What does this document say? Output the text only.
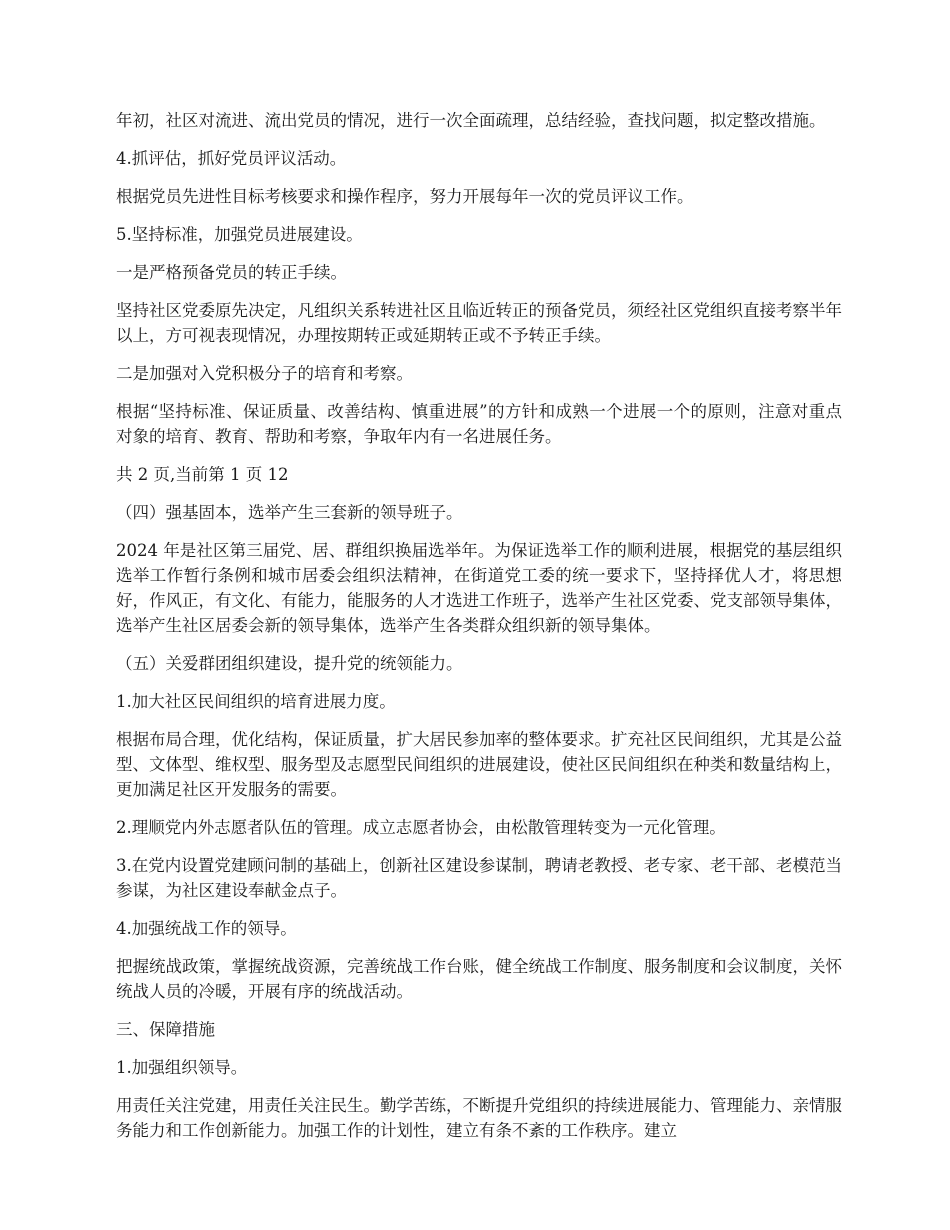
年初，社区对流进、流出党员的情况，进行一次全面疏理，总结经验，查找问题，拟定整改措施。

4.抓评估，抓好党员评议活动。

根据党员先进性目标考核要求和操作程序，努力开展每年一次的党员评议工作。

5.坚持标准，加强党员进展建设。

一是严格预备党员的转正手续。

坚持社区党委原先决定，凡组织关系转进社区且临近转正的预备党员，须经社区党组织直接考察半年以上，方可视表现情况，办理按期转正或延期转正或不予转正手续。

二是加强对入党积极分子的培育和考察。

根据“坚持标准、保证质量、改善结构、慎重进展”的方针和成熟一个进展一个的原则，注意对重点对象的培育、教育、帮助和考察，争取年内有一名进展任务。

共 2 页,当前第 1 页 12

（四）强基固本，选举产生三套新的领导班子。

2024 年是社区第三届党、居、群组织换届选举年。为保证选举工作的顺利进展，根据党的基层组织选举工作暂行条例和城市居委会组织法精神，在街道党工委的统一要求下，坚持择优人才，将思想好，作风正，有文化、有能力，能服务的人才选进工作班子，选举产生社区党委、党支部领导集体，选举产生社区居委会新的领导集体，选举产生各类群众组织新的领导集体。

（五）关爱群团组织建设，提升党的统领能力。

1.加大社区民间组织的培育进展力度。

根据布局合理，优化结构，保证质量，扩大居民参加率的整体要求。扩充社区民间组织，尤其是公益型、文体型、维权型、服务型及志愿型民间组织的进展建设，使社区民间组织在种类和数量结构上，更加满足社区开发服务的需要。

2.理顺党内外志愿者队伍的管理。成立志愿者协会，由松散管理转变为一元化管理。

3.在党内设置党建顾问制的基础上，创新社区建设参谋制，聘请老教授、老专家、老干部、老模范当参谋，为社区建设奉献金点子。

4.加强统战工作的领导。

把握统战政策，掌握统战资源，完善统战工作台账，健全统战工作制度、服务制度和会议制度，关怀统战人员的冷暖，开展有序的统战活动。

三、保障措施

1.加强组织领导。

用责任关注党建，用责任关注民生。勤学苦练，不断提升党组织的持续进展能力、管理能力、亲情服务能力和工作创新能力。加强工作的计划性，建立有条不紊的工作秩序。建立
